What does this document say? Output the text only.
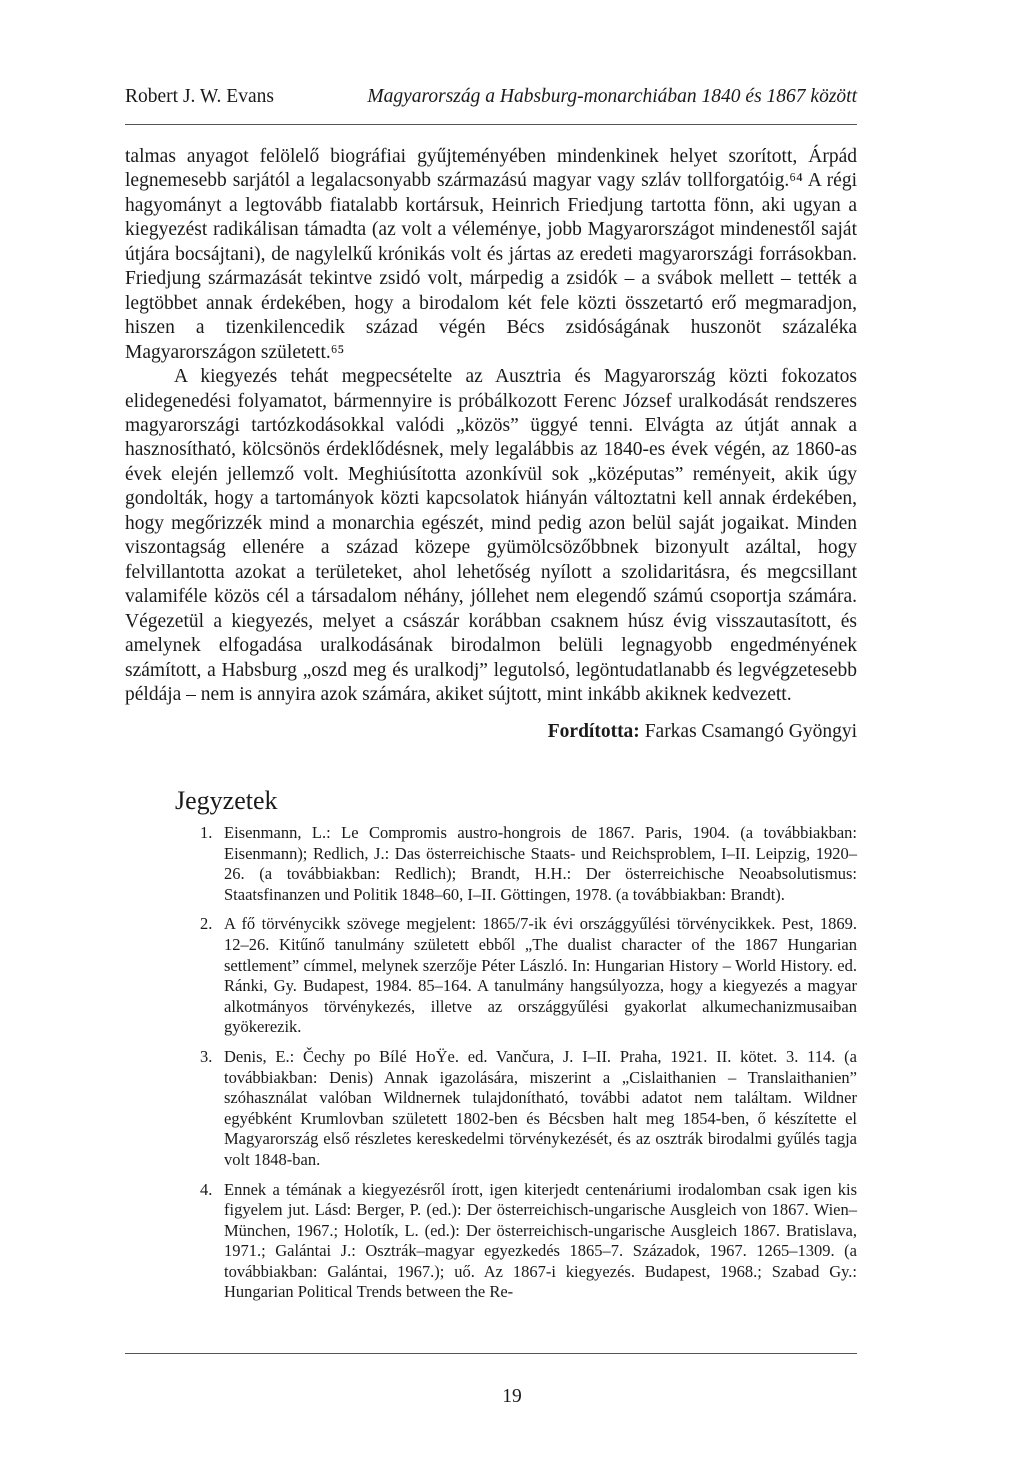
Robert J. W. Evans	Magyarország a Habsburg-monarchiában 1840 és 1867 között

talmas anyagot felölelő biográfiai gyűjteményében mindenkinek helyet szorított, Árpád legnemesebb sarjától a legalacsonyabb származású magyar vagy szláv tollforgatóig.⁶⁴ A régi hagyományt a legtovább fiatalabb kortársuk, Heinrich Friedjung tartotta fönn, aki ugyan a kiegyezést radikálisan támadta (az volt a véleménye, jobb Magyarországot mindenestől saját útjára bocsájtani), de nagylelkű krónikás volt és jártas az eredeti magyarországi forrásokban. Friedjung származását tekintve zsidó volt, márpedig a zsidók – a svábok mellett – tették a legtöbbet annak érdekében, hogy a birodalom két fele közti összetartó erő megmaradjon, hiszen a tizenkilencedik század végén Bécs zsidóságának huszonöt százaléka Magyarországon született.⁶⁵

A kiegyezés tehát megpecsételte az Ausztria és Magyarország közti fokozatos elidegenedési folyamatot, bármennyire is próbálkozott Ferenc József uralkodását rendszeres magyarországi tartózkodásokkal valódi „közös” üggyé tenni. Elvágta az útját annak a hasznosítható, kölcsönös érdeklődésnek, mely legalábbis az 1840-es évek végén, az 1860-as évek elején jellemző volt. Meghiúsította azonkívül sok „középutas” reményeit, akik úgy gondolták, hogy a tartományok közti kapcsolatok hiányán változtatni kell annak érdekében, hogy megőrizzék mind a monarchia egészét, mind pedig azon belül saját jogaikat. Minden viszontagság ellenére a század közepe gyümölcsözőbbnek bizonyult azáltal, hogy felvillantotta azokat a területeket, ahol lehetőség nyílott a szolidaritásra, és megcsillant valamiféle közös cél a társadalom néhány, jóllehet nem elegendő számú csoportja számára. Végezetül a kiegyezés, melyet a császár korábban csaknem húsz évig visszautasított, és amelynek elfogadása uralkodásának birodalmon belüli legnagyobb engedményének számított, a Habsburg „oszd meg és uralkodj” legutolsó, legöntudatlanabb és legvégzetesebb példája – nem is annyira azok számára, akiket sújtott, mint inkább akiknek kedvezett.

Fordította: Farkas Csamangó Gyöngyi
Jegyzetek
1. Eisenmann, L.: Le Compromis austro-hongrois de 1867. Paris, 1904. (a továbbiakban: Eisenmann); Redlich, J.: Das österreichische Staats- und Reichsproblem, I–II. Leipzig, 1920–26. (a továbbiakban: Redlich); Brandt, H.H.: Der österreichische Neoabsolutismus: Staatsfinanzen und Politik 1848–60, I–II. Göttingen, 1978. (a továbbiakban: Brandt).
2. A fő törvénycikk szövege megjelent: 1865/7-ik évi országgyűlési törvénycikkek. Pest, 1869. 12–26. Kitűnő tanulmány született ebből „The dualist character of the 1867 Hungarian settlement” címmel, melynek szerzője Péter László. In: Hungarian History – World History. ed. Ránki, Gy. Budapest, 1984. 85–164. A tanulmány hangsúlyozza, hogy a kiegyezés a magyar alkotmányos törvénykezés, illetve az országgyűlési gyakorlat alkumechanizmusaiban gyökerezik.
3. Denis, E.: Čechy po Bílé HoŸe. ed. Vančura, J. I–II. Praha, 1921. II. kötet. 3. 114. (a továbbiakban: Denis) Annak igazolására, miszerint a „Cislaithanien – Translaithanien” szóhasználat valóban Wildnernek tulajdonítható, további adatot nem találtam. Wildner egyébként Krumlovban született 1802-ben és Bécsben halt meg 1854-ben, ő készítette el Magyarország első részletes kereskedelmi törvénykezését, és az osztrák birodalmi gyűlés tagja volt 1848-ban.
4. Ennek a témának a kiegyezésről írott, igen kiterjedt centenáriumi irodalomban csak igen kis figyelem jut. Lásd: Berger, P. (ed.): Der österreichisch-ungarische Ausgleich von 1867. Wien–München, 1967.; Holotík, L. (ed.): Der österreichisch-ungarische Ausgleich 1867. Bratislava, 1971.; Galántai J.: Osztrák–magyar egyezkedés 1865–7. Századok, 1967. 1265–1309. (a továbbiakban: Galántai, 1967.); uő. Az 1867-i kiegyezés. Budapest, 1968.; Szabad Gy.: Hungarian Political Trends between the Re-
19
